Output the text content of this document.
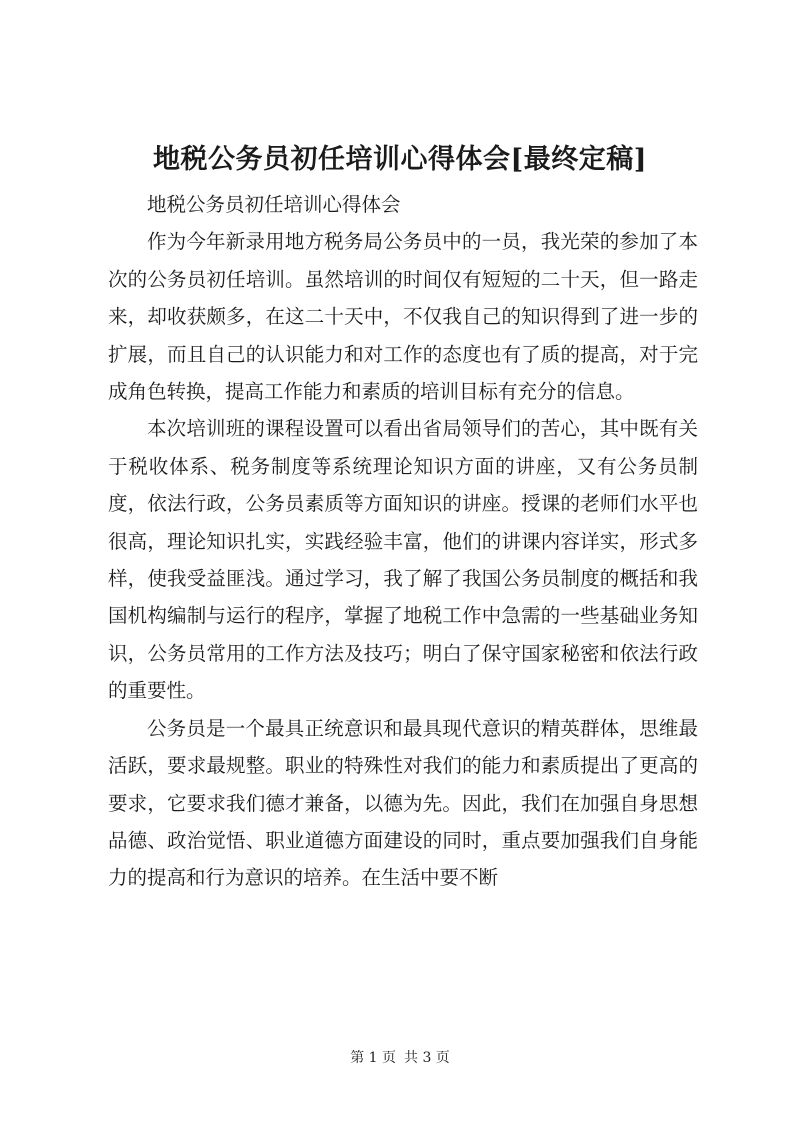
地税公务员初任培训心得体会[最终定稿]

地税公务员初任培训心得体会

作为今年新录用地方税务局公务员中的一员，我光荣的参加了本次的公务员初任培训。虽然培训的时间仅有短短的二十天，但一路走来，却收获颇多，在这二十天中，不仅我自己的知识得到了进一步的扩展，而且自己的认识能力和对工作的态度也有了质的提高，对于完成角色转换，提高工作能力和素质的培训目标有充分的信息。

本次培训班的课程设置可以看出省局领导们的苦心，其中既有关于税收体系、税务制度等系统理论知识方面的讲座，又有公务员制度，依法行政，公务员素质等方面知识的讲座。授课的老师们水平也很高，理论知识扎实，实践经验丰富，他们的讲课内容详实，形式多样，使我受益匪浅。通过学习，我了解了我国公务员制度的概括和我国机构编制与运行的程序，掌握了地税工作中急需的一些基础业务知识，公务员常用的工作方法及技巧；明白了保守国家秘密和依法行政的重要性。

公务员是一个最具正统意识和最具现代意识的精英群体，思维最活跃，要求最规整。职业的特殊性对我们的能力和素质提出了更高的要求，它要求我们德才兼备，以德为先。因此，我们在加强自身思想品德、政治觉悟、职业道德方面建设的同时，重点要加强我们自身能力的提高和行为意识的培养。在生活中要不断

第 1 页 共 3 页
